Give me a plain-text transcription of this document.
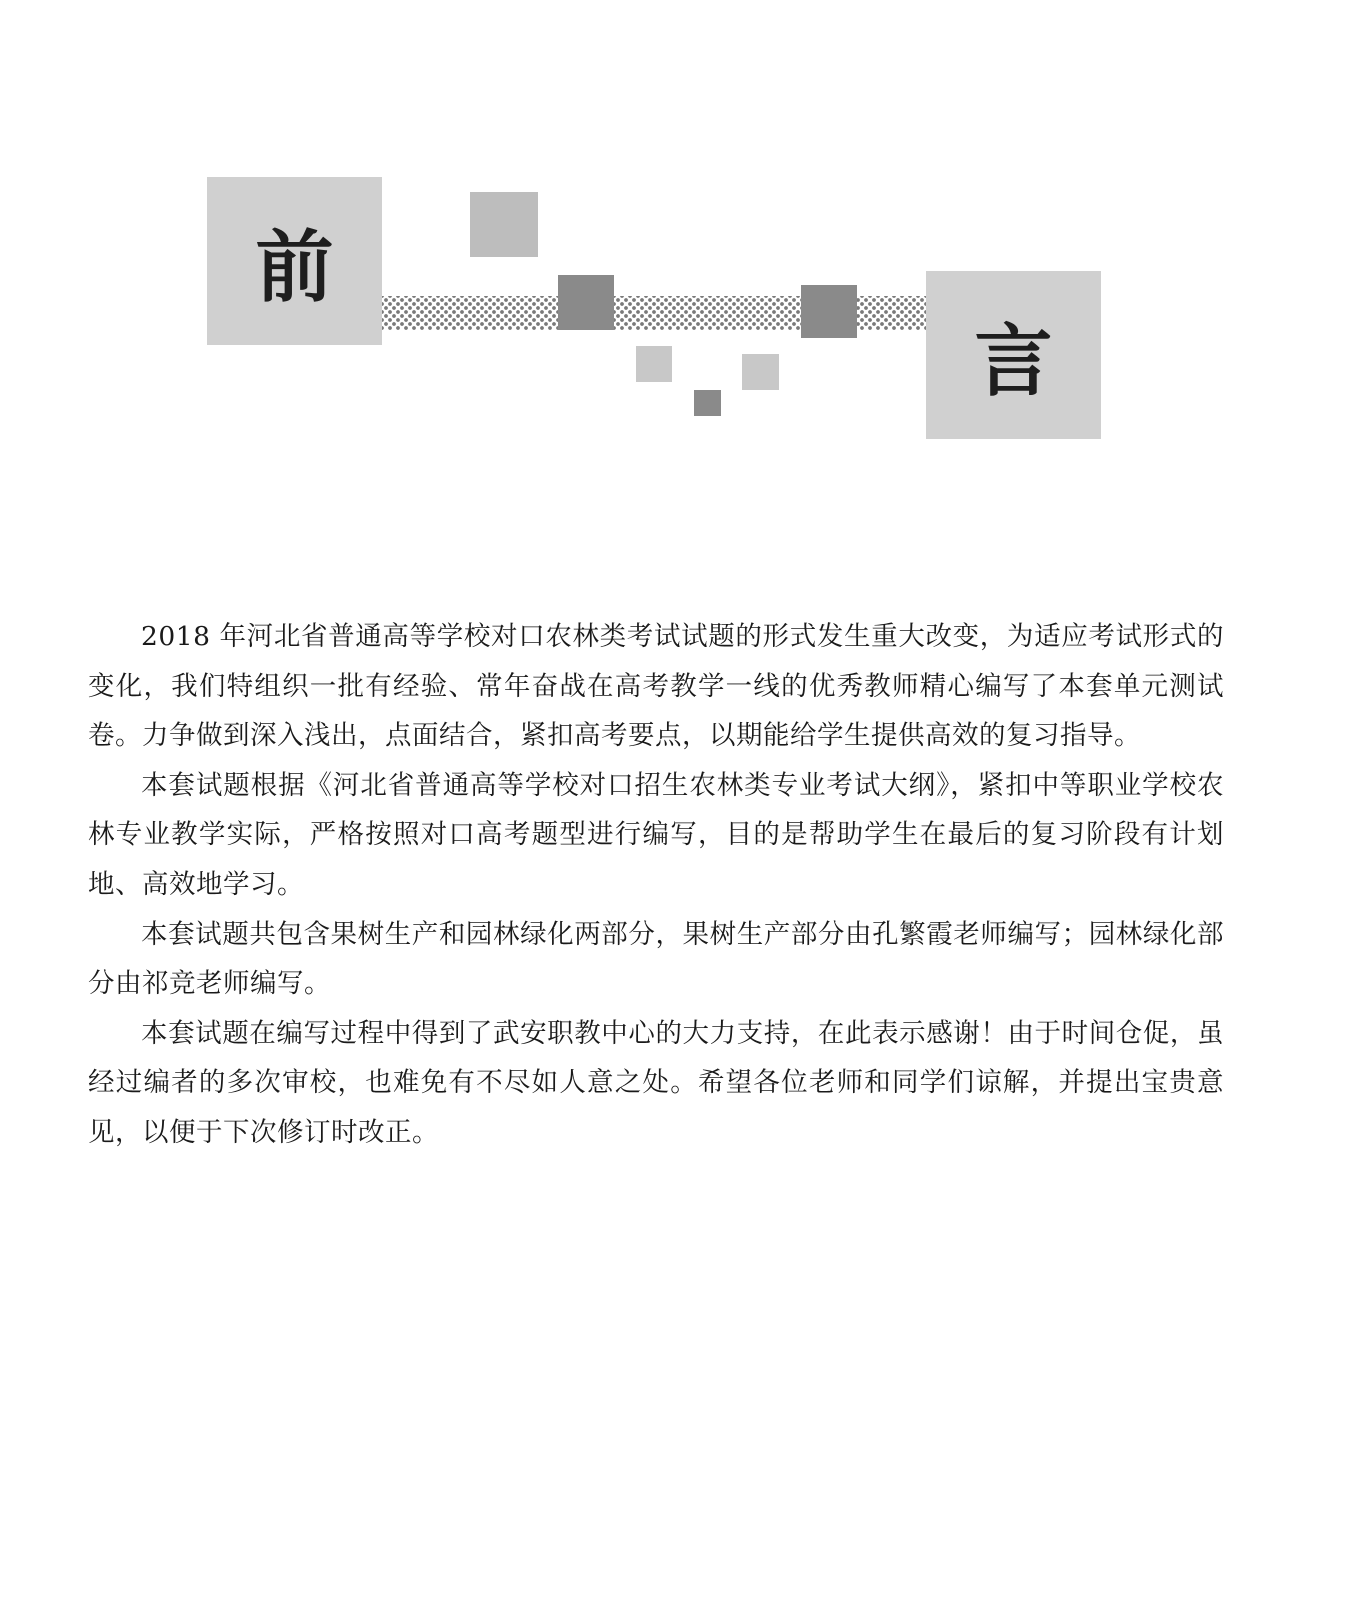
前
言

2018 年河北省普通高等学校对口农林类考试试题的形式发生重大改变，为适应考试形式的变化，我们特组织一批有经验、常年奋战在高考教学一线的优秀教师精心编写了本套单元测试卷。力争做到深入浅出，点面结合，紧扣高考要点，以期能给学生提供高效的复习指导。

本套试题根据《河北省普通高等学校对口招生农林类专业考试大纲》，紧扣中等职业学校农林专业教学实际，严格按照对口高考题型进行编写，目的是帮助学生在最后的复习阶段有计划地、高效地学习。

本套试题共包含果树生产和园林绿化两部分，果树生产部分由孔繁霞老师编写；园林绿化部分由祁竞老师编写。

本套试题在编写过程中得到了武安职教中心的大力支持，在此表示感谢！由于时间仓促，虽经过编者的多次审校，也难免有不尽如人意之处。希望各位老师和同学们谅解，并提出宝贵意见，以便于下次修订时改正。
